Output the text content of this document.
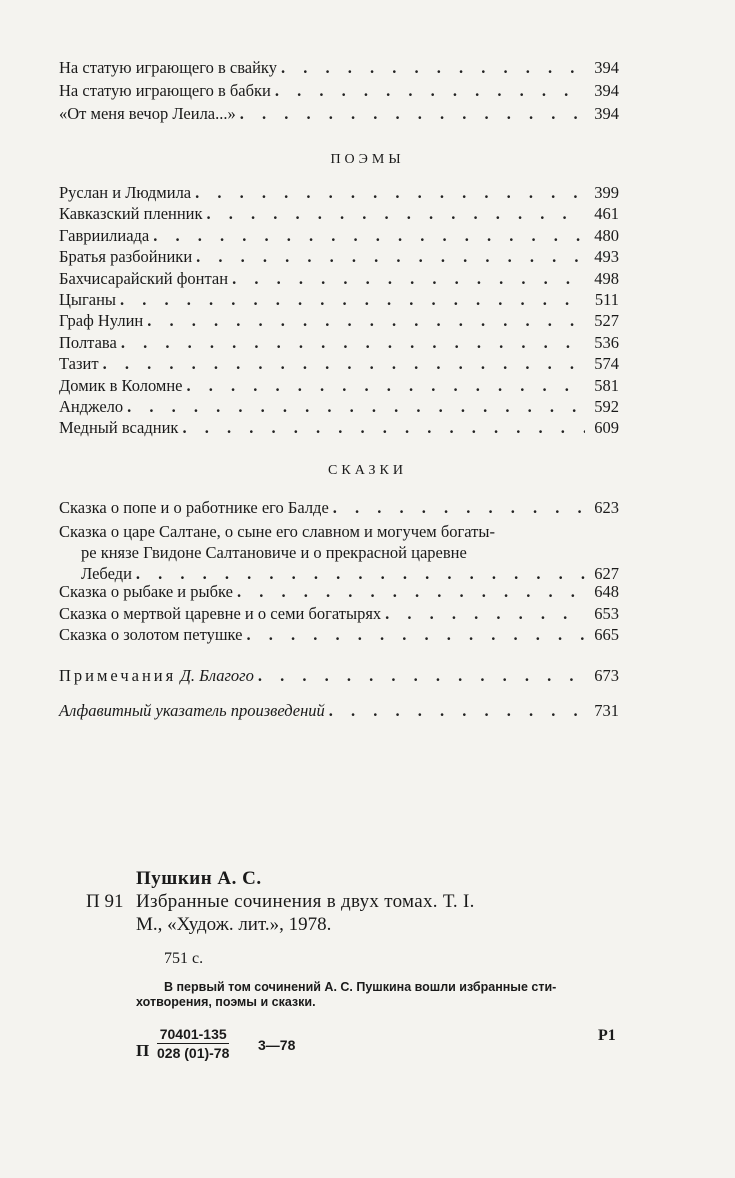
На статую играющего в свайку . . .	394
На статую играющего в бабки . . .	394
«От меня вечор Леила...» . . .	394
ПОЭМЫ
Руслан и Людмила . . .	399
Кавказский пленник . . .	461
Гавриилиада . . .	480
Братья разбойники . . .	493
Бахчисарайский фонтан . . .	498
Цыганы . . .	511
Граф Нулин . . .	527
Полтава . . .	536
Тазит . . .	574
Домик в Коломне . . .	581
Анджело . . .	592
Медный всадник . . .	609
СКАЗКИ
Сказка о попе и о работнике его Балде . . .	623
Сказка о царе Салтане, о сыне его славном и могучем богаты-
ре князе Гвидоне Салтановиче и о прекрасной царевне
Лебеди . . .	627
Сказка о рыбаке и рыбке . . .	648
Сказка о мертвой царевне и о семи богатырях . . .	653
Сказка о золотом петушке . . .	665
Примечания Д. Благого . . .	673
Алфавитный указатель произведений . . .	731
Пушкин А. С.
П 91 Избранные сочинения в двух томах. Т. I.
М., «Худож. лит.», 1978.
751 с.
В первый том сочинений А. С. Пушкина вошли избранные сти-
хотворения, поэмы и сказки.
П $\frac{70401-135}{028 (01)-78}$ 3—78
Р1
